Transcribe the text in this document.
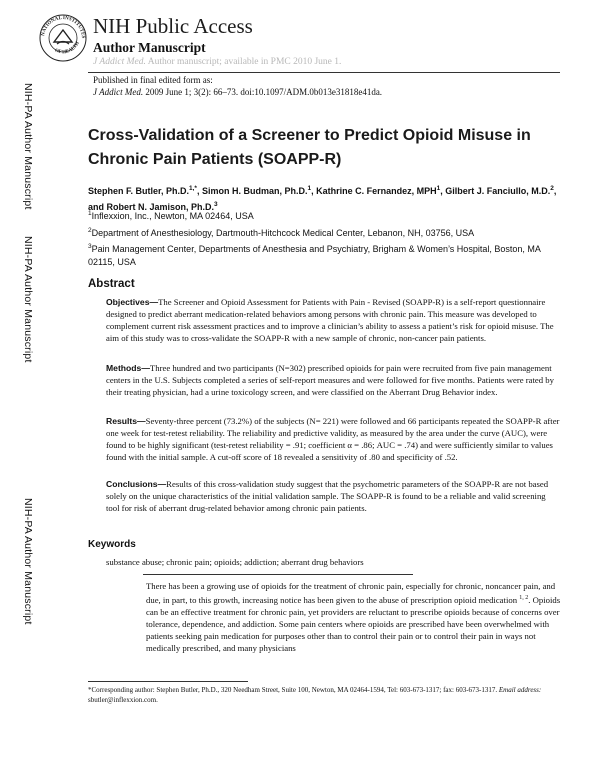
NATIONAL INSTITUTES
OF HEALTH
NIH Public Access
Author Manuscript
J Addict Med. Author manuscript; available in PMC 2010 June 1.
Published in final edited form as:
J Addict Med. 2009 June 1; 3(2): 66–73. doi:10.1097/ADM.0b013e31818e41da.
NIH-PA Author Manuscript
NIH-PA Author Manuscript
NIH-PA Author Manuscript
Cross-Validation of a Screener to Predict Opioid Misuse in Chronic Pain Patients (SOAPP-R)
Stephen F. Butler, Ph.D.$^{1,*}$, Simon H. Budman, Ph.D.$^1$, Kathrine C. Fernandez, MPH$^1$, Gilbert J. Fanciullo, M.D.$^2$, and Robert N. Jamison, Ph.D.$^3$
$^1$Inflexxion, Inc., Newton, MA 02464, USA
$^2$Department of Anesthesiology, Dartmouth-Hitchcock Medical Center, Lebanon, NH, 03756, USA
$^3$Pain Management Center, Departments of Anesthesia and Psychiatry, Brigham & Women’s Hospital, Boston, MA 02115, USA
Abstract
Objectives—The Screener and Opioid Assessment for Patients with Pain - Revised (SOAPP-R) is a self-report questionnaire designed to predict aberrant medication-related behaviors among persons with chronic pain. This measure was developed to complement current risk assessment practices and to improve a clinician’s ability to assess a patient’s risk for opioid misuse. The aim of this study was to cross-validate the SOAPP-R with a new sample of chronic, non-cancer pain patients.
Methods—Three hundred and two participants (N=302) prescribed opioids for pain were recruited from five pain management centers in the U.S. Subjects completed a series of self-report measures and were followed for five months. Patients were rated by their treating physician, had a urine toxicology screen, and were classified on the Aberrant Drug Behavior index.
Results—Seventy-three percent (73.2%) of the subjects (N= 221) were followed and 66 participants repeated the SOAPP-R after one week for test-retest reliability. The reliability and predictive validity, as measured by the area under the curve (AUC), were found to be highly significant (test-retest reliability = .91; coefficient α = .86; AUC = .74) and were sufficiently similar to values found with the initial sample. A cut-off score of 18 revealed a sensitivity of .80 and specificity of .52.
Conclusions—Results of this cross-validation study suggest that the psychometric parameters of the SOAPP-R are not based solely on the unique characteristics of the initial validation sample. The SOAPP-R is found to be a reliable and valid screening tool for risk of aberrant drug-related behavior among chronic pain patients.
Keywords
substance abuse; chronic pain; opioids; addiction; aberrant drug behaviors
There has been a growing use of opioids for the treatment of chronic pain, especially for chronic, noncancer pain, and due, in part, to this growth, increasing notice has been given to the abuse of prescription opioid medication $^{1, 2}$. Opioids can be an effective treatment for chronic pain, yet providers are reluctant to prescribe opioids because of concerns over tolerance, dependence, and addiction. Some pain centers where opioids are prescribed have been overwhelmed with patients seeking pain medication for purposes other than to control their pain or to control their pain in ways not medically prescribed, and many physicians
*Corresponding author: Stephen Butler, Ph.D., 320 Needham Street, Suite 100, Newton, MA 02464-1594, Tel: 603-673-1317; fax: 603-673-1317. Email address: sbutler@inflexxion.com.
